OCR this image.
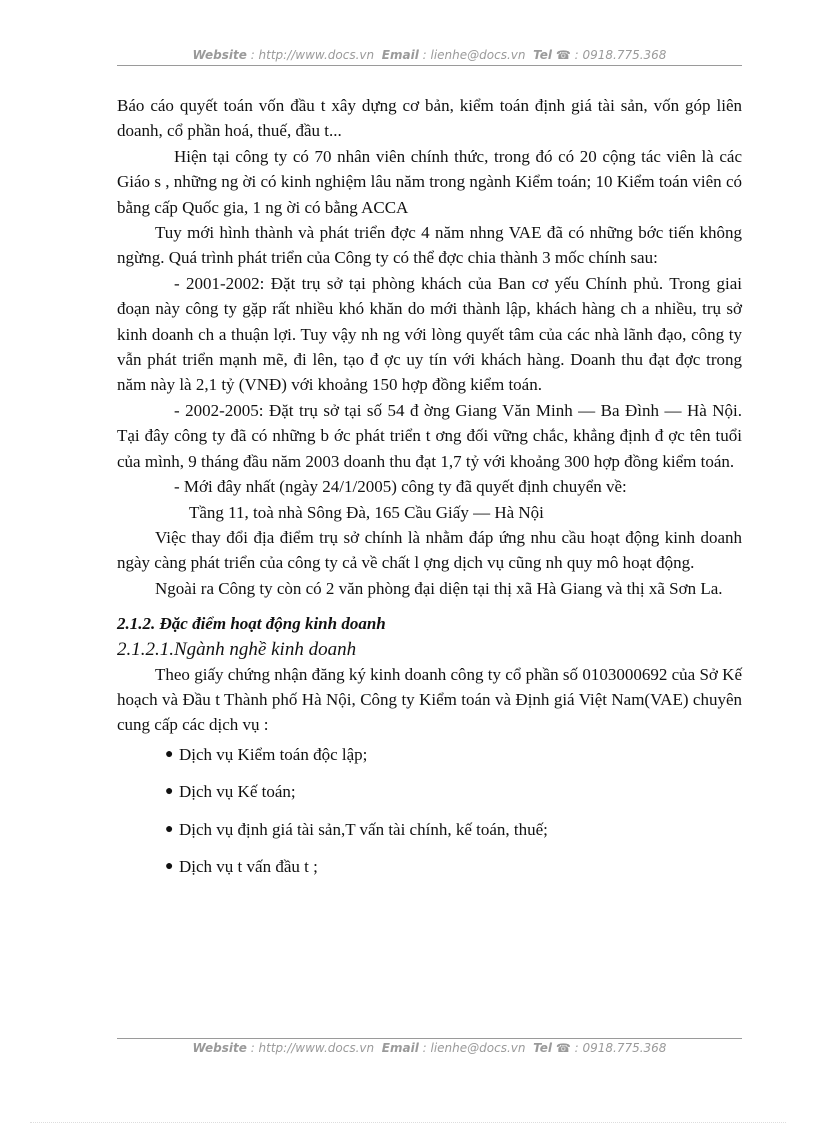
Website : http://www.docs.vn Email : lienhe@docs.vn Tel ☎ : 0918.775.368

Báo cáo quyết toán vốn đầu t xây dựng cơ bản, kiểm toán định giá tài sản, vốn góp liên doanh, cổ phần hoá, thuế, đầu t...

Hiện tại công ty có 70 nhân viên chính thức, trong đó có 20 cộng tác viên là các Giáo s , những ng ời có kinh nghiệm lâu năm trong ngành Kiểm toán; 10 Kiểm toán viên có bằng cấp Quốc gia, 1 ng ời có bằng ACCA

Tuy mới hình thành và phát triển đợc 4 năm nhng VAE đã có những bớc tiến không ngừng. Quá trình phát triển của Công ty có thể đợc chia thành 3 mốc chính sau:

- 2001-2002: Đặt trụ sở tại phòng khách của Ban cơ yếu Chính phủ. Trong giai đoạn này công ty gặp rất nhiều khó khăn do mới thành lập, khách hàng ch a nhiều, trụ sở kinh doanh ch a thuận lợi. Tuy vậy nh ng với lòng quyết tâm của các nhà lãnh đạo, công ty vẫn phát triển mạnh mẽ, đi lên, tạo đ ợc uy tín với khách hàng. Doanh thu đạt đợc trong năm này là 2,1 tỷ (VNĐ) với khoảng 150 hợp đồng kiểm toán.

- 2002-2005: Đặt trụ sở tại số 54 đ ờng Giang Văn Minh — Ba Đình — Hà Nội. Tại đây công ty đã có những b ớc phát triển t ơng đối vững chắc, khẳng định đ ợc tên tuổi của mình, 9 tháng đầu năm 2003 doanh thu đạt 1,7 tỷ với khoảng 300 hợp đồng kiểm toán.

- Mới đây nhất (ngày 24/1/2005) công ty đã quyết định chuyển về:

Tầng 11, toà nhà Sông Đà, 165 Cầu Giấy — Hà Nội

Việc thay đổi địa điểm trụ sở chính là nhằm đáp ứng nhu cầu hoạt động kinh doanh ngày càng phát triển của công ty cả về chất l ợng dịch vụ cũng nh quy mô hoạt động.

Ngoài ra Công ty còn có 2 văn phòng đại diện tại thị xã Hà Giang và thị xã Sơn La.

2.1.2. Đặc điểm hoạt động kinh doanh

2.1.2.1.Ngành nghề kinh doanh

Theo giấy chứng nhận đăng ký kinh doanh công ty cổ phần số 0103000692 của Sở Kế hoạch và Đầu t Thành phố Hà Nội, Công ty Kiểm toán và Định giá Việt Nam(VAE) chuyên cung cấp các dịch vụ :

● Dịch vụ Kiểm toán độc lập;
● Dịch vụ Kế toán;
● Dịch vụ định giá tài sản,T vấn tài chính, kế toán, thuế;
● Dịch vụ t vấn đầu t ;
Website : http://www.docs.vn Email : lienhe@docs.vn Tel ☎ : 0918.775.368
